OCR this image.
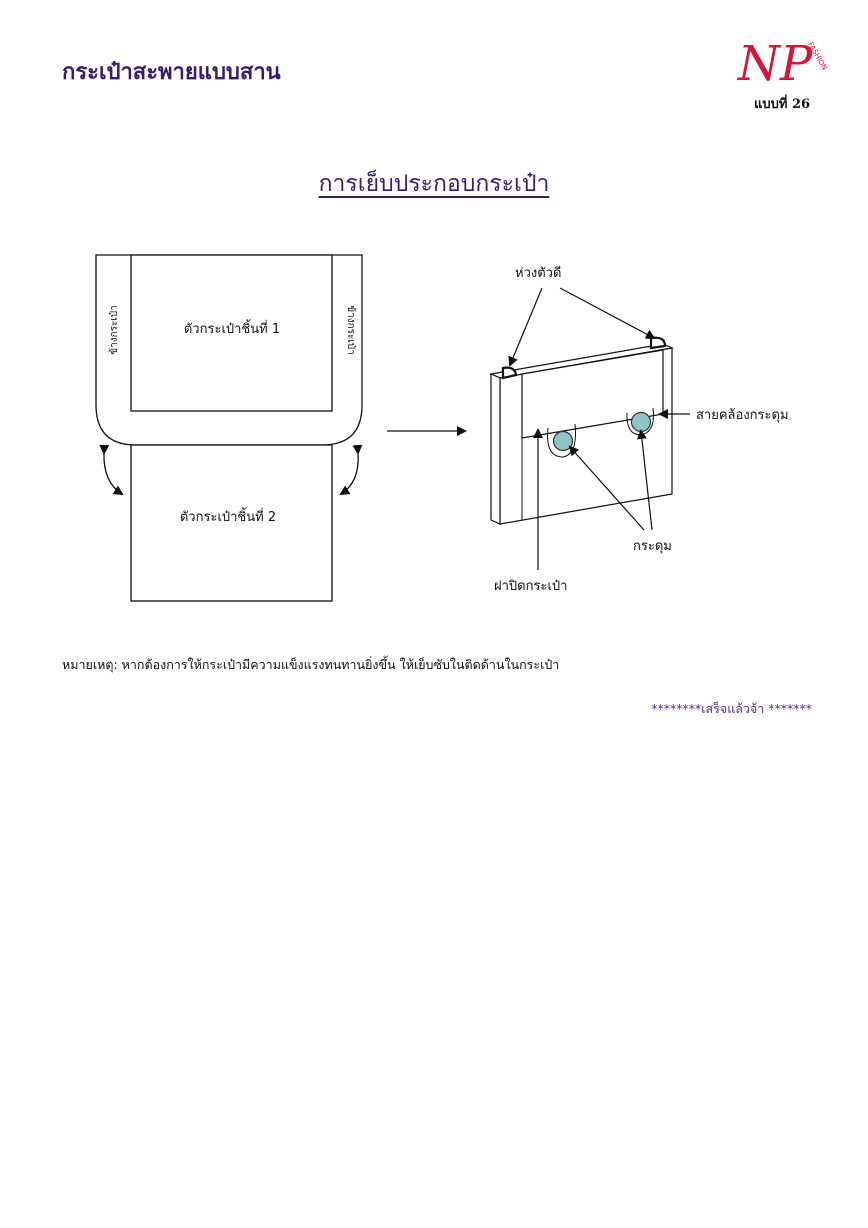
กระเป๋าสะพายแบบสาน	NP
FASHION
แบบที่ 26
การเย็บประกอบกระเป๋า
ตัวกระเป๋าชิ้นที่ 1
ตัวกระเป๋าชิ้นที่ 2
ข้างกระเป๋า	ข้างกระเป๋า
ห่วงตัวดี
สายคล้องกระดุม
กระดุม
ฝาปิดกระเป๋า
หมายเหตุ: หากต้องการให้กระเป๋ามีความแข็งแรงทนทานยิ่งขึ้น ให้เย็บซับในติดด้านในกระเป๋า
********เสร็จแล้วจ้า *******
